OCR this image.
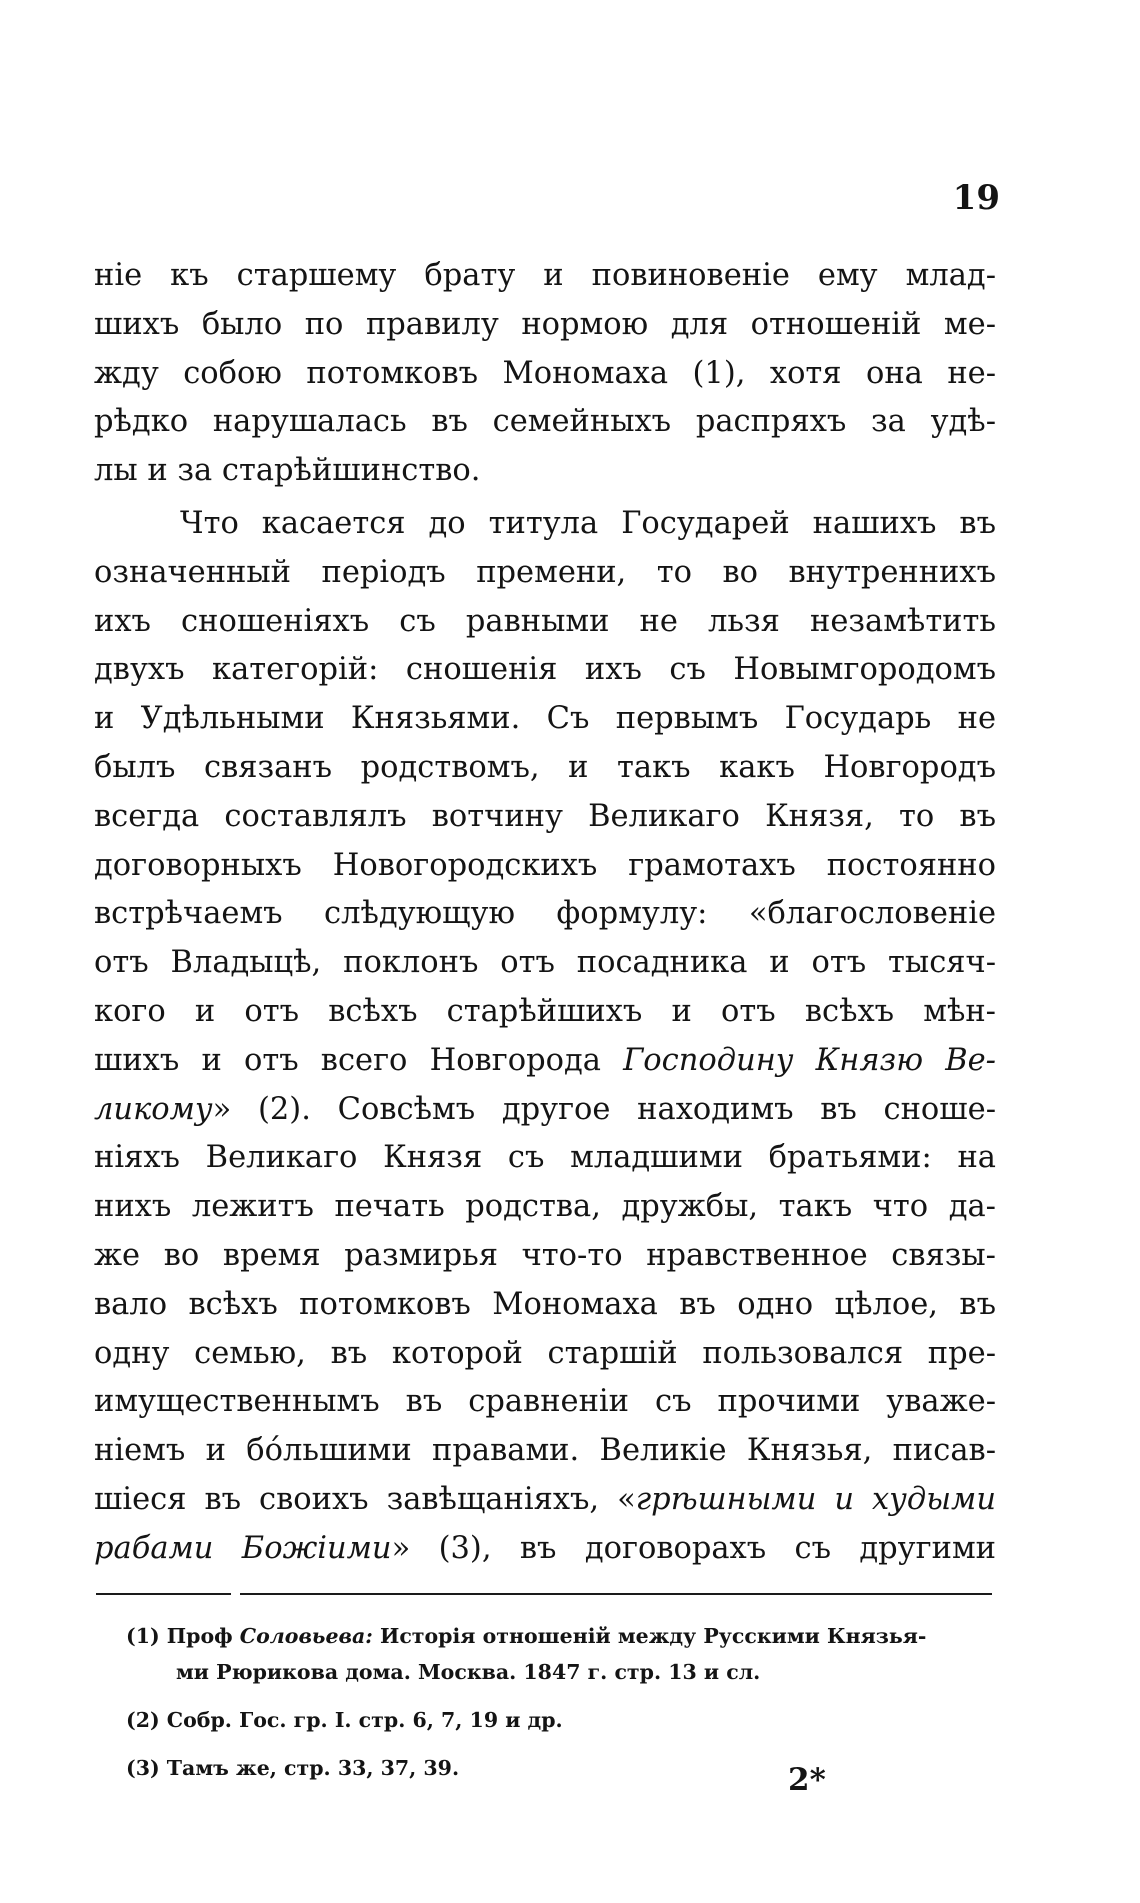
19

ніе къ старшему брату и повиновеніе ему млад-
шихъ было по правилу нормою для отношеній ме-
жду собою потомковъ Мономаха (1), хотя она не-
рѣдко нарушалась въ семейныхъ распряхъ за удѣ-
лы и за старѣйшинство.

Что касается до титула Государей нашихъ въ
означенный періодъ премени, то во внутреннихъ
ихъ сношеніяхъ съ равными не льзя незамѣтить
двухъ категорій: сношенія ихъ съ Новымгородомъ
и Удѣльными Князьями. Съ первымъ Государь не
былъ связанъ родствомъ, и такъ какъ Новгородъ
всегда составлялъ вотчину Великаго Князя, то въ
договорныхъ Новогородскихъ грамотахъ постоянно
встрѣчаемъ слѣдующую формулу: «благословеніе
отъ Владыцѣ, поклонъ отъ посадника и отъ тысяч-
кого и отъ всѣхъ старѣйшихъ и отъ всѣхъ мѣн-
шихъ и отъ всего Новгорода Господину Князю Ве-
ликому» (2). Совсѣмъ другое находимъ въ сноше-
ніяхъ Великаго Князя съ младшими братьями: на
нихъ лежитъ печать родства, дружбы, такъ что да-
же во время размирья что-то нравственное связы-
вало всѣхъ потомковъ Мономаха въ одно цѣлое, въ
одну семью, въ которой старшій пользовался пре-
имущественнымъ въ сравненіи съ прочими уваже-
ніемъ и бо́льшими правами. Великіе Князья, писав-
шіеся въ своихъ завѣщаніяхъ, «грѣшными и худыми
рабами Божіими» (3), въ договорахъ съ другими

(1) Проф Соловьева: Исторія отношеній между Русскими Князья-
ми Рюрикова дома. Москва. 1847 г. стр. 13 и сл.
(2) Собр. Гос. гр. I. стр. 6, 7, 19 и др.
(3) Тамъ же, стр. 33, 37, 39.	2*
